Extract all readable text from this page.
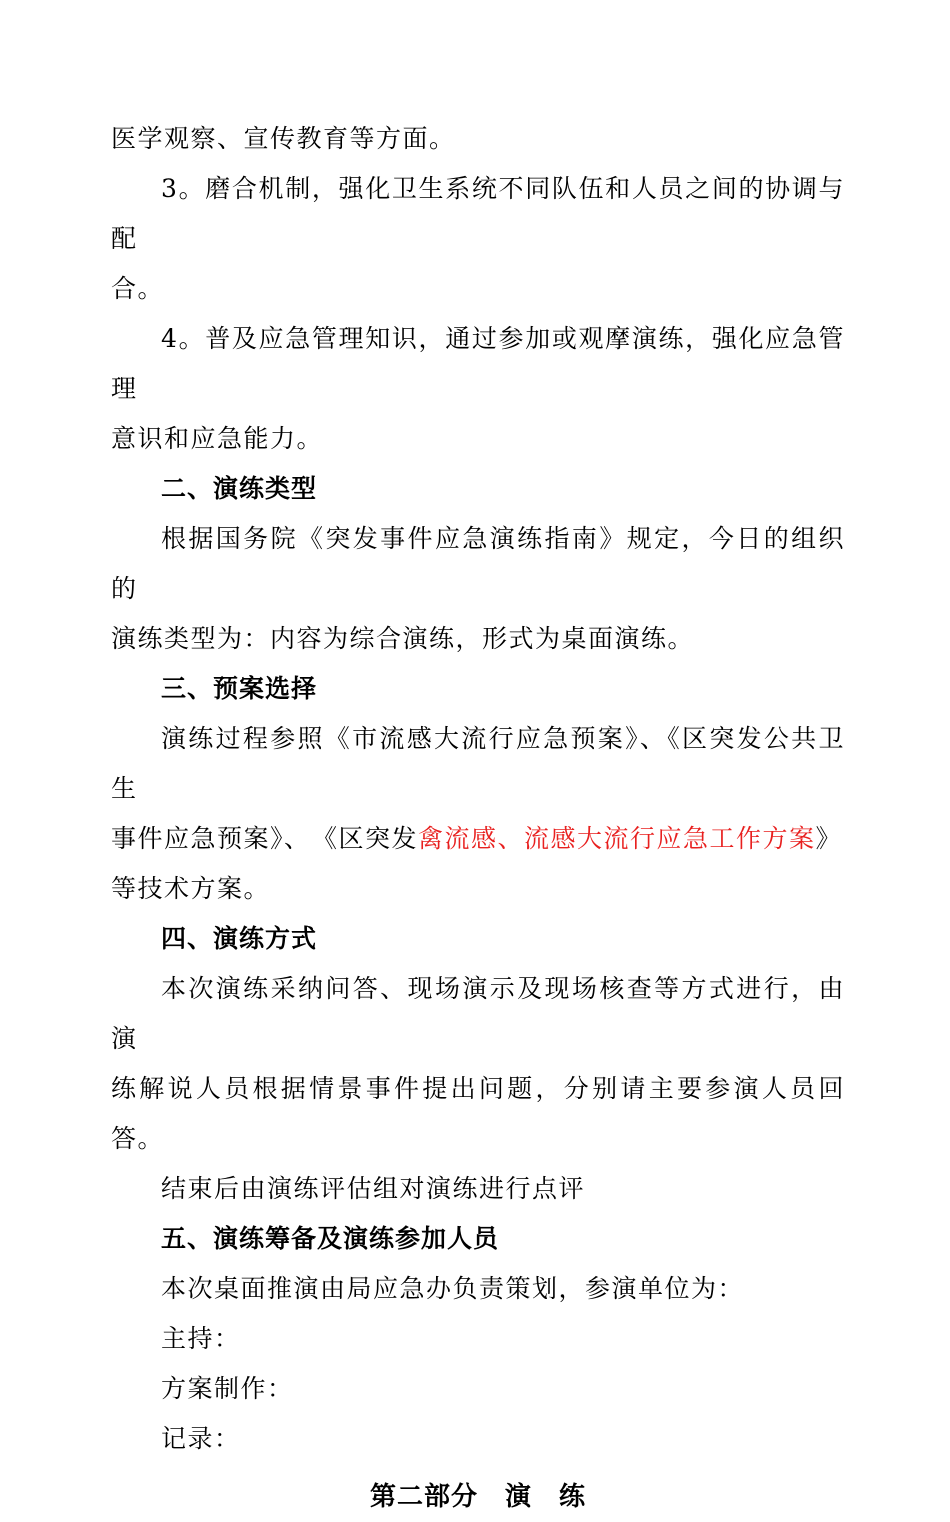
医学观察、宣传教育等方面。

3。磨合机制，强化卫生系统不同队伍和人员之间的协调与配
合。

4。普及应急管理知识，通过参加或观摩演练，强化应急管理
意识和应急能力。

二、演练类型

根据国务院《突发事件应急演练指南》规定，今日的组织的
演练类型为：内容为综合演练，形式为桌面演练。

三、预案选择

演练过程参照《市流感大流行应急预案》、《区突发公共卫生
事件应急预案》、　《区突发禽流感、流感大流行应急工作方案》
等技术方案。

四、演练方式

本次演练采纳问答、现场演示及现场核查等方式进行，由演
练解说人员根据情景事件提出问题，分别请主要参演人员回答。

结束后由演练评估组对演练进行点评

五、演练筹备及演练参加人员

本次桌面推演由局应急办负责策划，参演单位为：

主持：

方案制作：

记录：

第二部分　演　练
